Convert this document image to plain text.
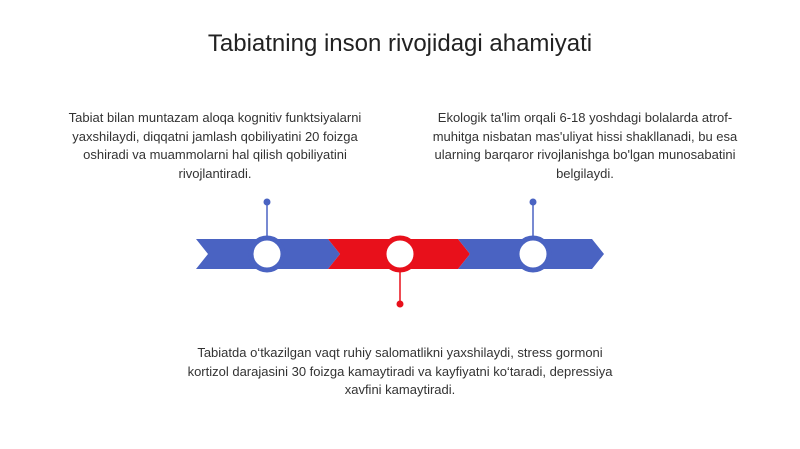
Tabiatning inson rivojidagi ahamiyati
Tabiat bilan muntazam aloqa kognitiv funktsiyalarni yaxshilaydi, diqqatni jamlash qobiliyatini 20 foizga oshiradi va muammolarni hal qilish qobiliyatini rivojlantiradi.
Ekologik ta'lim orqali 6-18 yoshdagi bolalarda atrof-muhitga nisbatan mas'uliyat hissi shakllanadi, bu esa ularning barqaror rivojlanishga bo'lgan munosabatini belgilaydi.
Tabiatda o‘tkazilgan vaqt ruhiy salomatlikni yaxshilaydi, stress gormoni kortizol darajasini 30 foizga kamaytiradi va kayfiyatni ko‘taradi, depressiya xavfini kamaytiradi.
